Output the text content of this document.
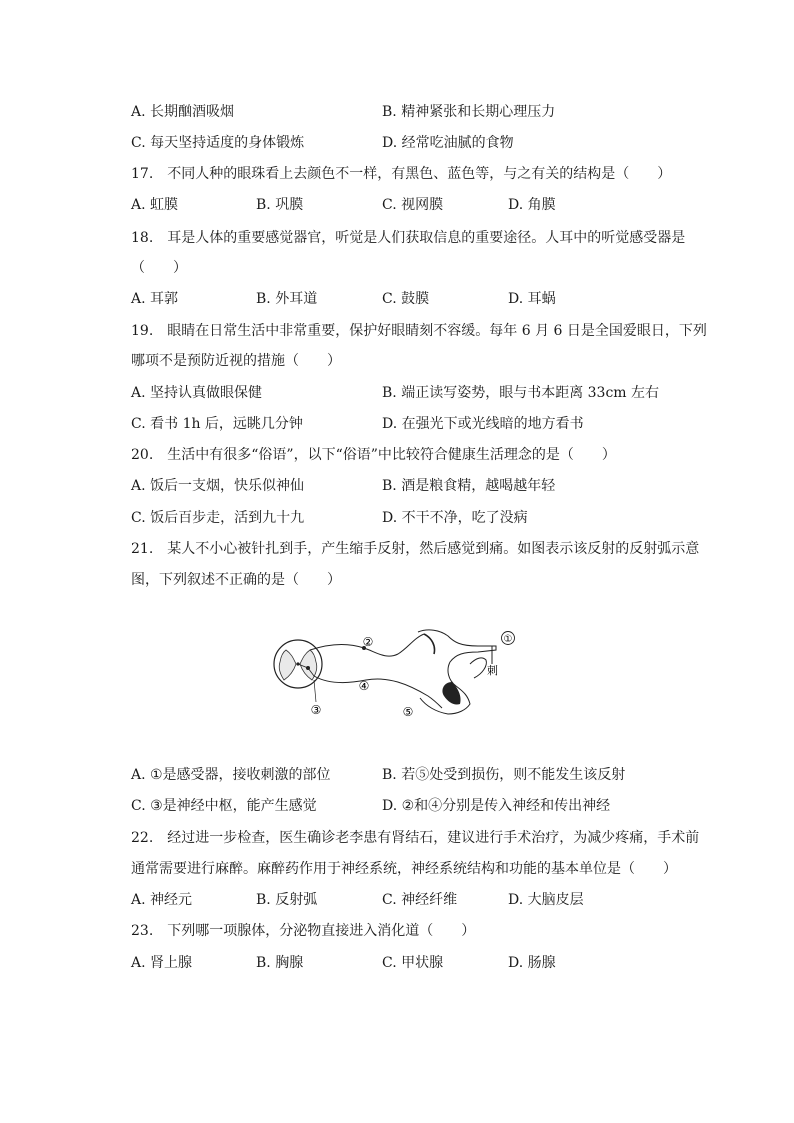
A. 长期酗酒吸烟	B. 精神紧张和长期心理压力
C. 每天坚持适度的身体锻炼	D. 经常吃油腻的食物
17.　不同人种的眼珠看上去颜色不一样，有黑色、蓝色等，与之有关的结构是（　　）
A. 虹膜	B. 巩膜	C. 视网膜	D. 角膜
18.　耳是人体的重要感觉器官，听觉是人们获取信息的重要途径。人耳中的听觉感受器是
（　　）
A. 耳郭	B. 外耳道	C. 鼓膜	D. 耳蜗
19.　眼睛在日常生活中非常重要，保护好眼睛刻不容缓。每年 6 月 6 日是全国爱眼日，下列
哪项不是预防近视的措施（　　）
A. 坚持认真做眼保健	B. 端正读写姿势，眼与书本距离 33cm 左右
C. 看书 1h 后，远眺几分钟	D. 在强光下或光线暗的地方看书
20.　生活中有很多“俗语”，以下“俗语”中比较符合健康生活理念的是（　　）
A. 饭后一支烟，快乐似神仙	B. 酒是粮食精，越喝越年轻
C. 饭后百步走，活到九十九	D. 不干不净，吃了没病
21.　某人不小心被针扎到手，产生缩手反射，然后感觉到痛。如图表示该反射的反射弧示意
图，下列叙述不正确的是（　　）
①
刺
②
③
④
⑤
A. ①是感受器，接收刺激的部位	B. 若⑤处受到损伤，则不能发生该反射
C. ③是神经中枢，能产生感觉	D. ②和④分别是传入神经和传出神经
22.　经过进一步检查，医生确诊老李患有肾结石，建议进行手术治疗，为减少疼痛，手术前
通常需要进行麻醉。麻醉药作用于神经系统，神经系统结构和功能的基本单位是（　　）
A. 神经元	B. 反射弧	C. 神经纤维	D. 大脑皮层
23.　下列哪一项腺体，分泌物直接进入消化道（　　）
A. 肾上腺	B. 胸腺	C. 甲状腺	D. 肠腺
